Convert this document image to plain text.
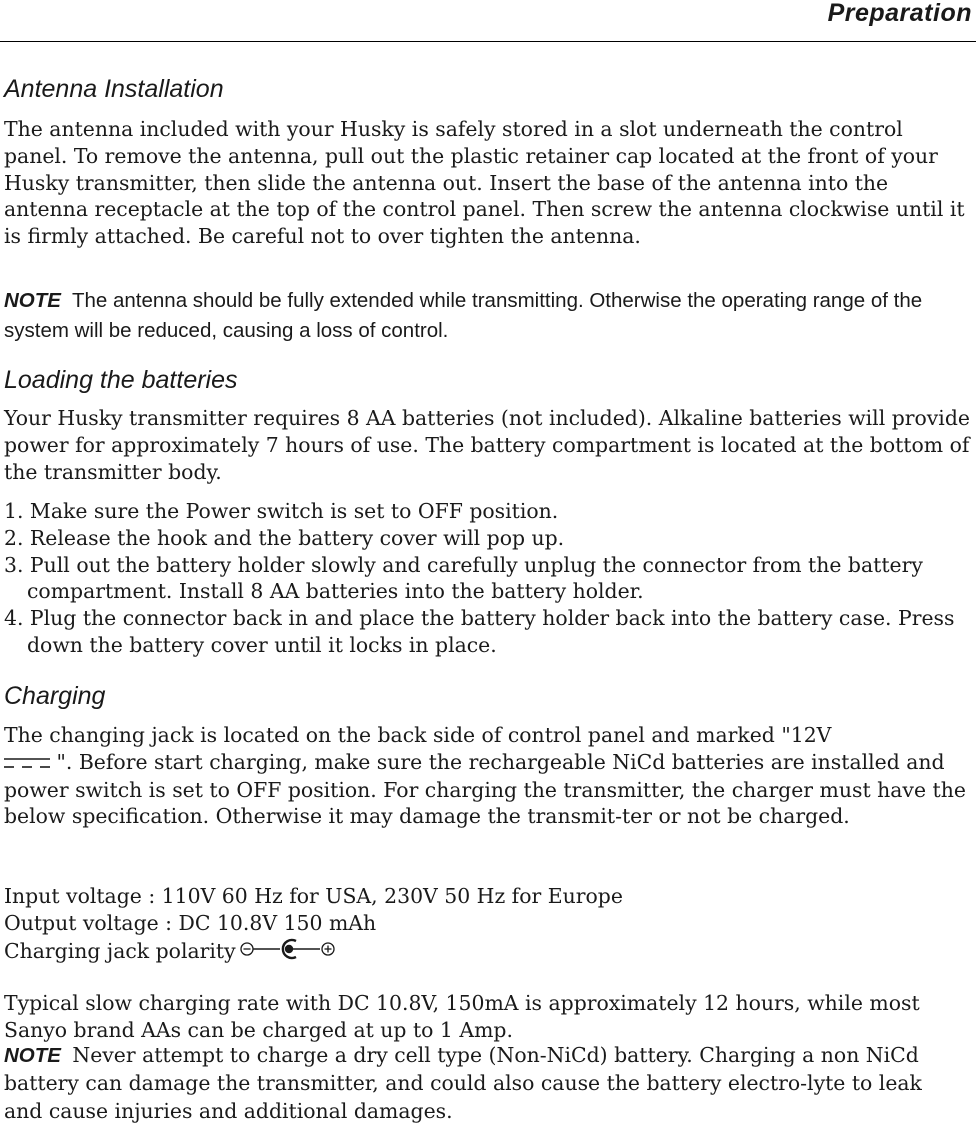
Preparation
Antenna Installation

The antenna included with your Husky is safely stored in a slot underneath the control panel. To remove the antenna, pull out the plastic retainer cap located at the front of your Husky transmitter, then slide the antenna out. Insert the base of the antenna into the antenna receptacle at the top of the control panel. Then screw the antenna clockwise until it is firmly attached. Be careful not to over tighten the antenna.

NOTE The antenna should be fully extended while transmitting. Otherwise the operating range of the system will be reduced, causing a loss of control.

Loading the batteries

Your Husky transmitter requires 8 AA batteries (not included). Alkaline batteries will provide power for approximately 7 hours of use. The battery compartment is located at the bottom of the transmitter body.

1. Make sure the Power switch is set to OFF position.
2. Release the hook and the battery cover will pop up.
3. Pull out the battery holder slowly and carefully unplug the connector from the battery compartment. Install 8 AA batteries into the battery holder.
4. Plug the connector back in and place the battery holder back into the battery case. Press down the battery cover until it locks in place.
Charging

The changing jack is located on the back side of control panel and marked "12V
". Before start charging, make sure the rechargeable NiCd batteries are installed and power switch is set to OFF position. For charging the transmitter, the charger must have the below specification. Otherwise it may damage the transmit-ter or not be charged.

Input voltage : 110V 60 Hz for USA, 230V 50 Hz for Europe
Output voltage : DC 10.8V 150 mAh
Charging jack polarity

Typical slow charging rate with DC 10.8V, 150mA is approximately 12 hours, while most Sanyo brand AAs can be charged at up to 1 Amp.

NOTE Never attempt to charge a dry cell type (Non-NiCd) battery. Charging a non NiCd battery can damage the transmitter, and could also cause the battery electro-lyte to leak and cause injuries and additional damages.
